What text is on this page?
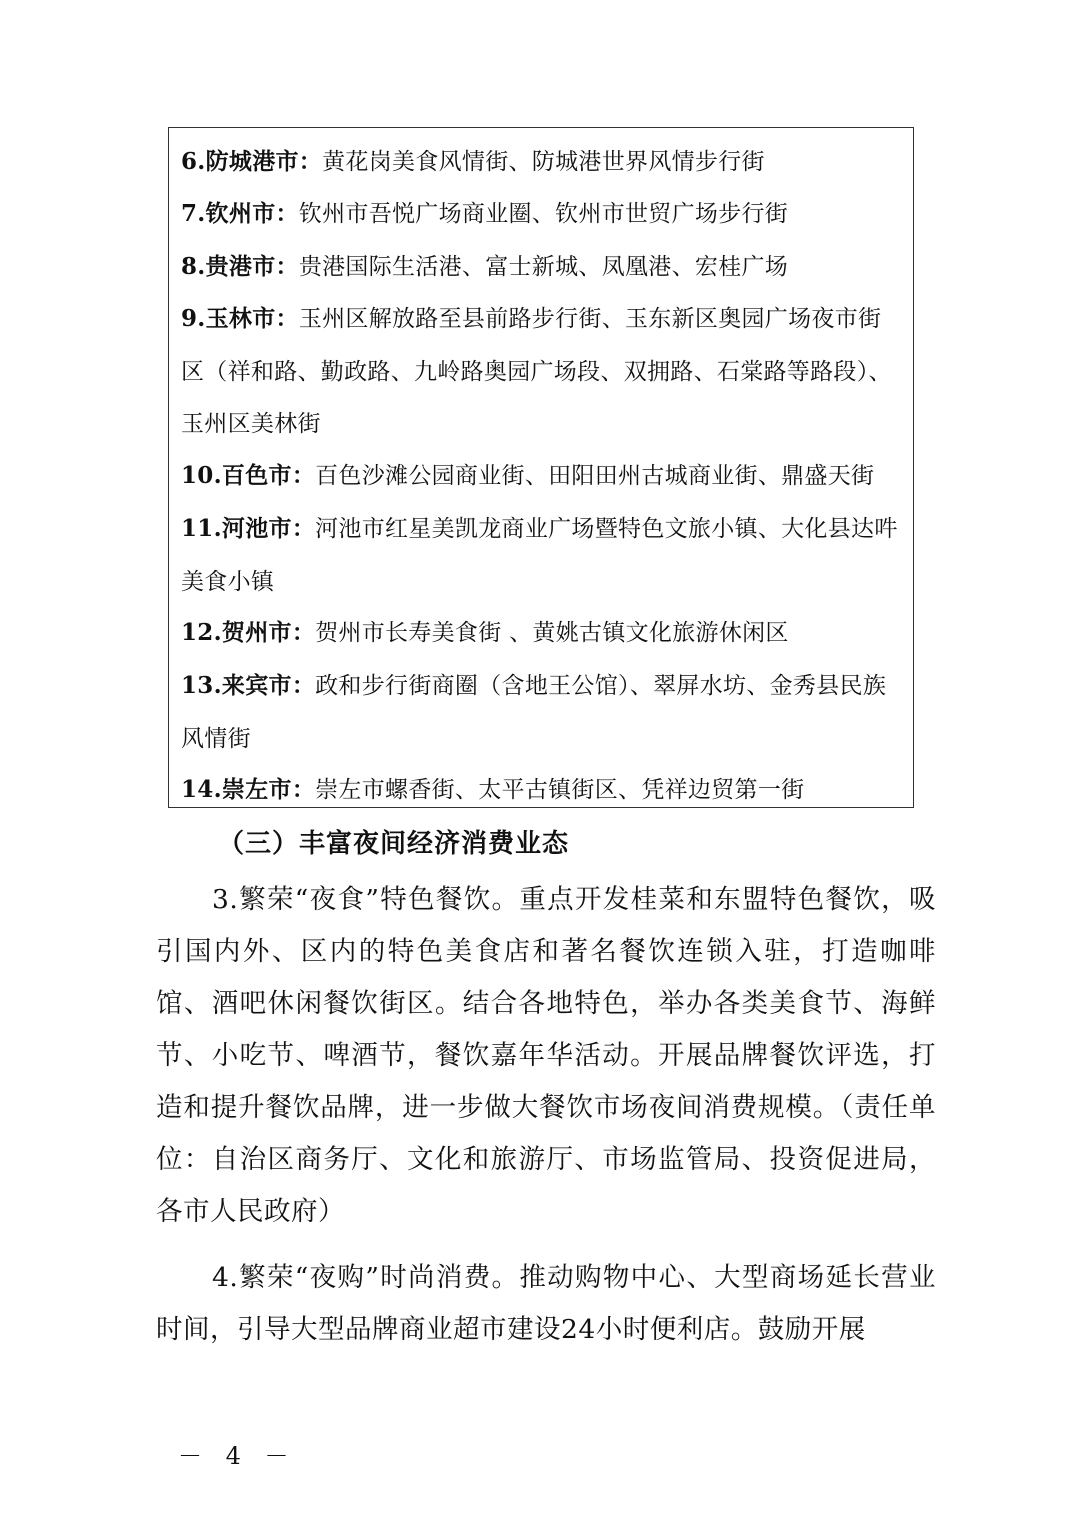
6.防城港市：黄花岗美食风情街、防城港世界风情步行街
7.钦州市：钦州市吾悦广场商业圈、钦州市世贸广场步行街
8.贵港市：贵港国际生活港、富士新城、凤凰港、宏桂广场
9.玉林市：玉州区解放路至县前路步行街、玉东新区奥园广场夜市街区（祥和路、勤政路、九岭路奥园广场段、双拥路、石棠路等路段）、玉州区美林街
10.百色市：百色沙滩公园商业街、田阳田州古城商业街、鼎盛天街
11.河池市：河池市红星美凯龙商业广场暨特色文旅小镇、大化县达吽美食小镇
12.贺州市：贺州市长寿美食街 、黄姚古镇文化旅游休闲区
13.来宾市：政和步行街商圈（含地王公馆）、翠屏水坊、金秀县民族风情街
14.崇左市：崇左市螺香街、太平古镇街区、凭祥边贸第一街
（三）丰富夜间经济消费业态
3.繁荣“夜食”特色餐饮。重点开发桂菜和东盟特色餐饮，吸引国内外、区内的特色美食店和著名餐饮连锁入驻，打造咖啡馆、酒吧休闲餐饮街区。结合各地特色，举办各类美食节、海鲜节、小吃节、啤酒节，餐饮嘉年华活动。开展品牌餐饮评选，打造和提升餐饮品牌，进一步做大餐饮市场夜间消费规模。（责任单位：自治区商务厅、文化和旅游厅、市场监管局、投资促进局，各市人民政府）
4.繁荣“夜购”时尚消费。推动购物中心、大型商场延长营业时间，引导大型品牌商业超市建设24小时便利店。鼓励开展
－ 4 －
